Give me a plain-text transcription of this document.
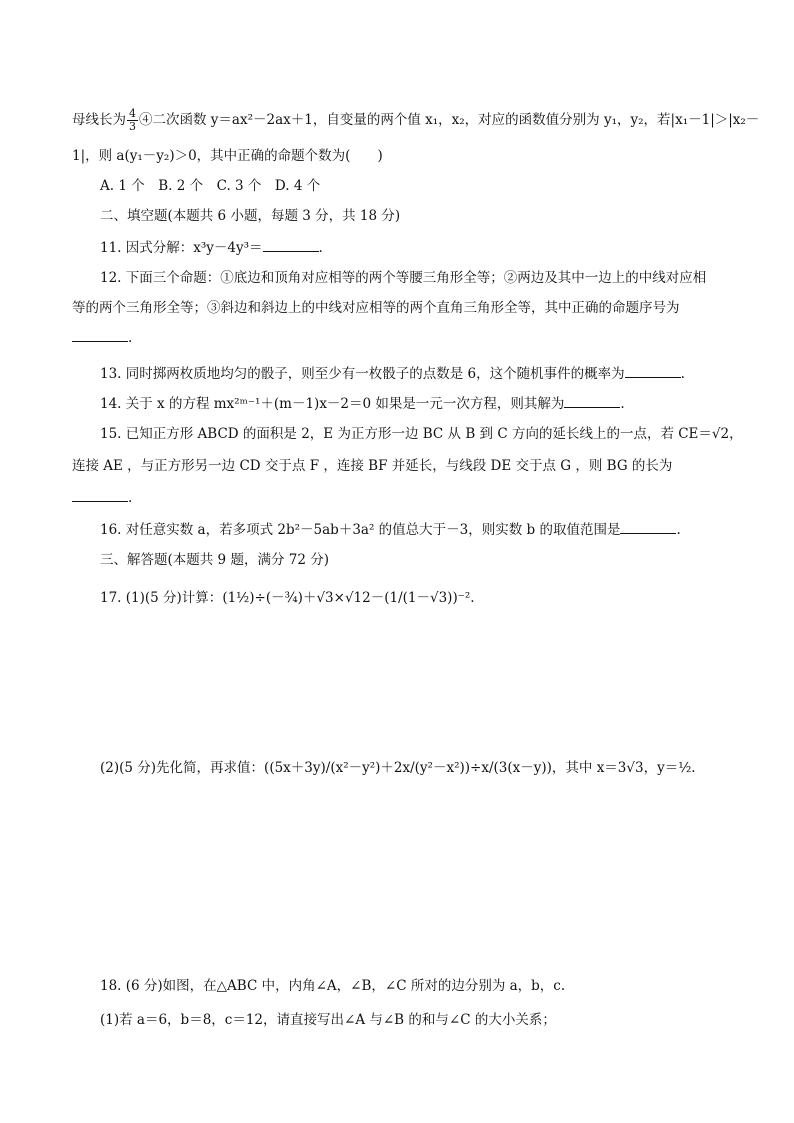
母线长为 $\frac{4}{3}$ ④二次函数 y＝ax²－2ax＋1，自变量的两个值 x₁，x₂，对应的函数值分别为 y₁，y₂，若|x₁－1|＞|x₂－
1|，则 a(y₁－y₂)＞0，其中正确的命题个数为(　　)
A. 1 个　B. 2 个　C. 3 个　D. 4 个
二、填空题(本题共 6 小题，每题 3 分，共 18 分)
11. 因式分解：x³y－4y³＝	.
12. 下面三个命题：①底边和顶角对应相等的两个等腰三角形全等；②两边及其中一边上的中线对应相
等的两个三角形全等；③斜边和斜边上的中线对应相等的两个直角三角形全等，其中正确的命题序号为
.
13. 同时掷两枚质地均匀的骰子，则至少有一枚骰子的点数是 6，这个随机事件的概率为	.
14. 关于 x 的方程 mx²ᵐ⁻¹＋(m－1)x－2＝0 如果是一元一次方程，则其解为	.
15. 已知正方形 ABCD 的面积是 2，E 为正方形一边 BC 从 B 到 C 方向的延长线上的一点，若 CE＝√2，
连接 AE ，与正方形另一边 CD 交于点 F ，连接 BF 并延长，与线段 DE 交于点 G ，则 BG 的长为
.
16. 对任意实数 a，若多项式 2b²－5ab＋3a² 的值总大于－3，则实数 b 的取值范围是	.
三、解答题(本题共 9 题，满分 72 分)
17. (1)(5 分)计算：(1½)÷(－¾)＋√3×√12－(1/(1－√3))⁻².
(2)(5 分)先化简，再求值：((5x＋3y)/(x²－y²)＋2x/(y²－x²))÷x/(3(x－y))，其中 x＝3√3，y＝½.
18. (6 分)如图，在△ABC 中，内角∠A，∠B，∠C 所对的边分别为 a，b，c.
(1)若 a＝6，b＝8，c＝12，请直接写出∠A 与∠B 的和与∠C 的大小关系；
